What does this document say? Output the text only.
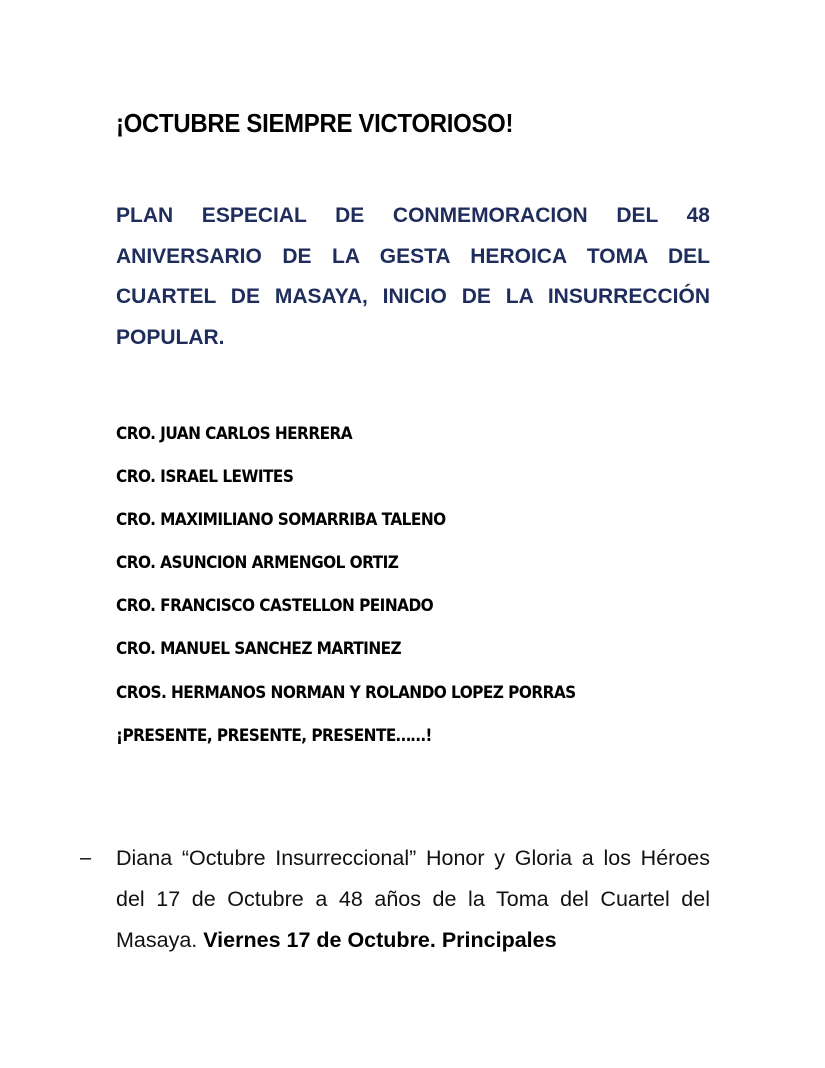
¡OCTUBRE SIEMPRE VICTORIOSO!
PLAN ESPECIAL DE CONMEMORACION DEL 48 ANIVERSARIO DE LA GESTA HEROICA TOMA DEL CUARTEL DE MASAYA, INICIO DE LA INSURRECCIÓN POPULAR.
CRO. JUAN CARLOS HERRERA
CRO. ISRAEL LEWITES
CRO. MAXIMILIANO SOMARRIBA TALENO
CRO. ASUNCION ARMENGOL ORTIZ
CRO. FRANCISCO CASTELLON PEINADO
CRO. MANUEL SANCHEZ MARTINEZ
CROS. HERMANOS NORMAN Y ROLANDO LOPEZ PORRAS
¡PRESENTE, PRESENTE, PRESENTE……!
– Diana “Octubre Insurreccional” Honor y Gloria a los Héroes del 17 de Octubre a 48 años de la Toma del Cuartel del Masaya. Viernes 17 de Octubre. Principales
